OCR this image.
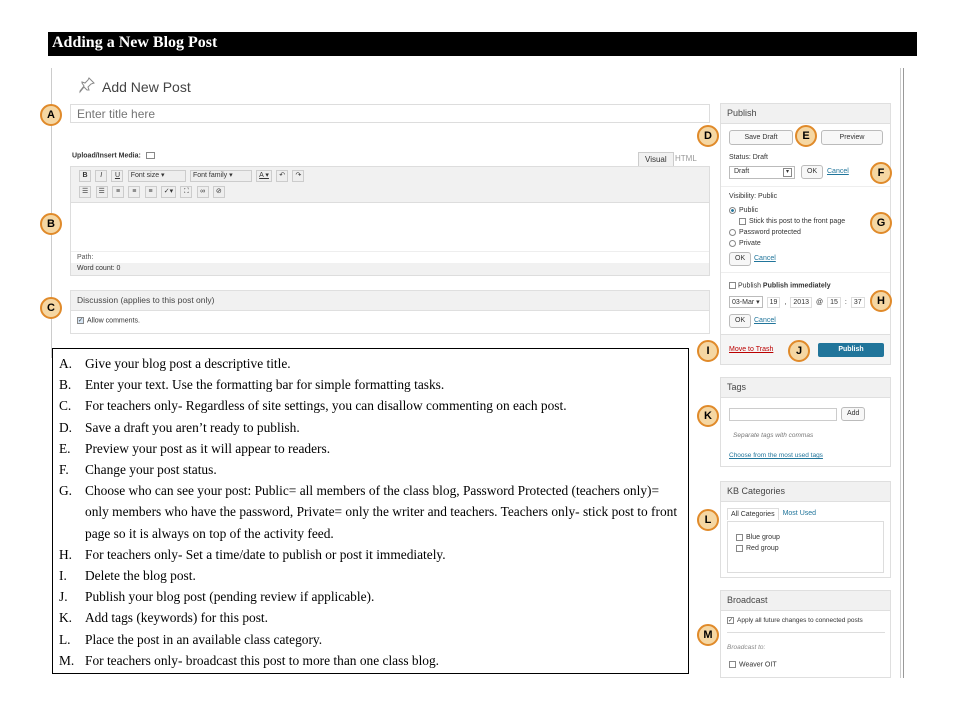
Adding a New Blog Post
Add New Post
Enter title here
Upload/Insert Media:	Visual	HTML
B I U Font size ▾	Font family ▾	A ▾ ↶ ↷
☰ ☰ ≡ ≡ ≡ ✓▾ ⛶ ∞ ⊘
Path:
Word count: 0
Discussion (applies to this post only)
✓ Allow comments.
Publish
Save Draft	Preview
Status: Draft
Draft	▾	OK	Cancel
Visibility: Public
Public
Stick this post to the front page
Password protected
Private
OK	Cancel
Publish Publish immediately
03-Mar ▾	19	,	2013	@	15	:	37
OK	Cancel
Move to Trash	Publish
Tags
Add
Separate tags with commas
Choose from the most used tags
KB Categories
All Categories	Most Used
Blue group
Red group
Broadcast
✓ Apply all future changes to connected posts
Broadcast to:
Weaver OIT
A
B
C
D	E
F
G
H
I	J
K
L
M
A. Give your blog post a descriptive title.
B.	Enter your text. Use the formatting bar for simple formatting tasks.
C.	For teachers only- Regardless of site settings, you can disallow commenting on each post.
D. Save a draft you aren’t ready to publish.
E.	Preview your post as it will appear to readers.
F.	Change your post status.
G. Choose who can see your post: Public= all members of the class blog, Password Protected (teachers only)= only members who have the password, Private= only the writer and teachers. Teachers only- stick post to front page so it is always on top of the activity feed.
H. For teachers only- Set a time/date to publish or post it immediately.
I.	Delete the blog post.
J.	Publish your blog post (pending review if applicable).
K. Add tags (keywords) for this post.
L.	Place the post in an available class category.
M. For teachers only- broadcast this post to more than one class blog.
